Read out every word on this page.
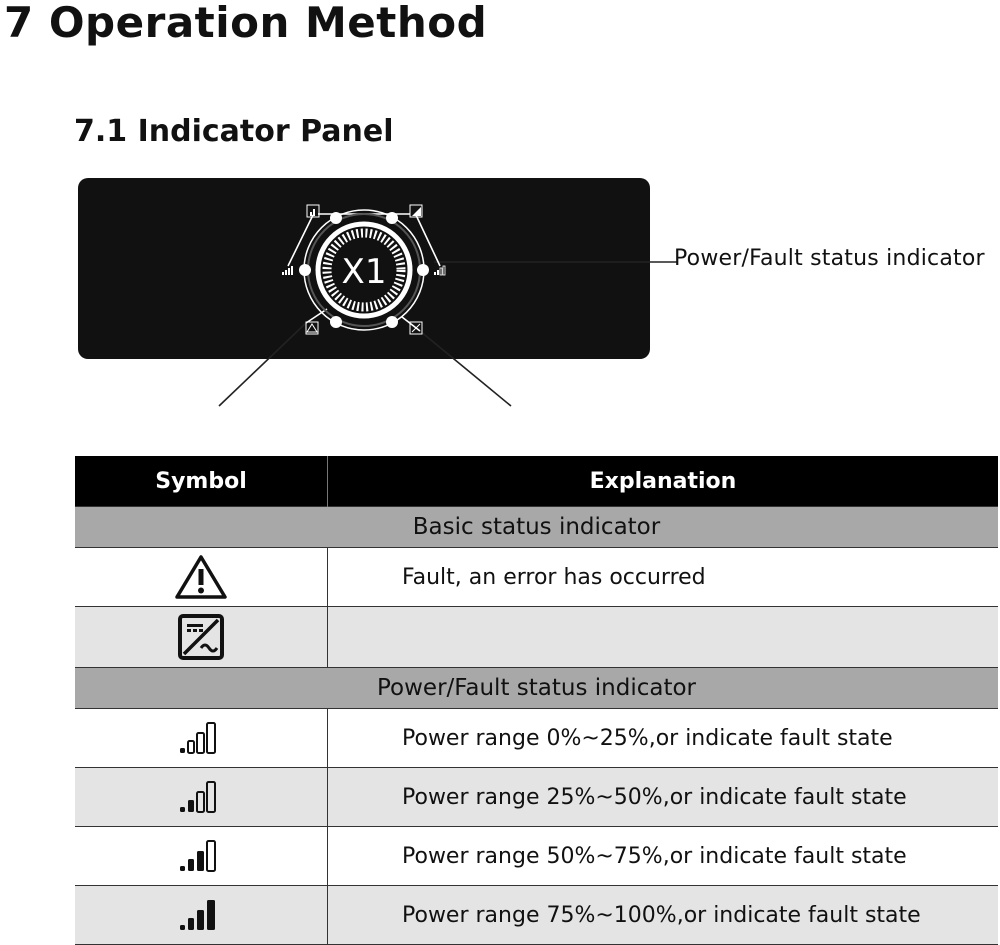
7 Operation Method
7.1 Indicator Panel
X1	Power/Fault status indicator
Symbol	Explanation
Basic status indicator	
	Fault, an error has occurred

Power/Fault status indicator	
	Power range 0%~25%,or indicate fault state
	Power range 25%~50%,or indicate fault state
	Power range 50%~75%,or indicate fault state
	Power range 75%~100%,or indicate fault state
